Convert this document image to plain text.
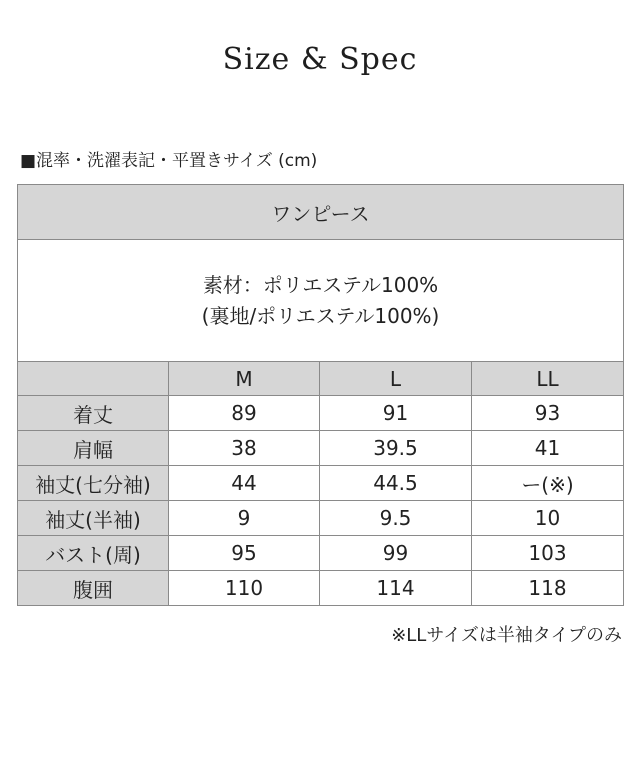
Size & Spec
■混率・洗濯表記・平置きサイズ (cm)
ワンピース			

素材：ポリエステル100%
(裏地/ポリエステル100%)			

	M	L	LL
着丈	89	91	93
肩幅	38	39.5	41
袖丈(七分袖)	44	44.5	ー(※)
袖丈(半袖)	9	9.5	10
バスト(周)	95	99	103
腹囲	110	114	118
※LLサイズは半袖タイプのみ
